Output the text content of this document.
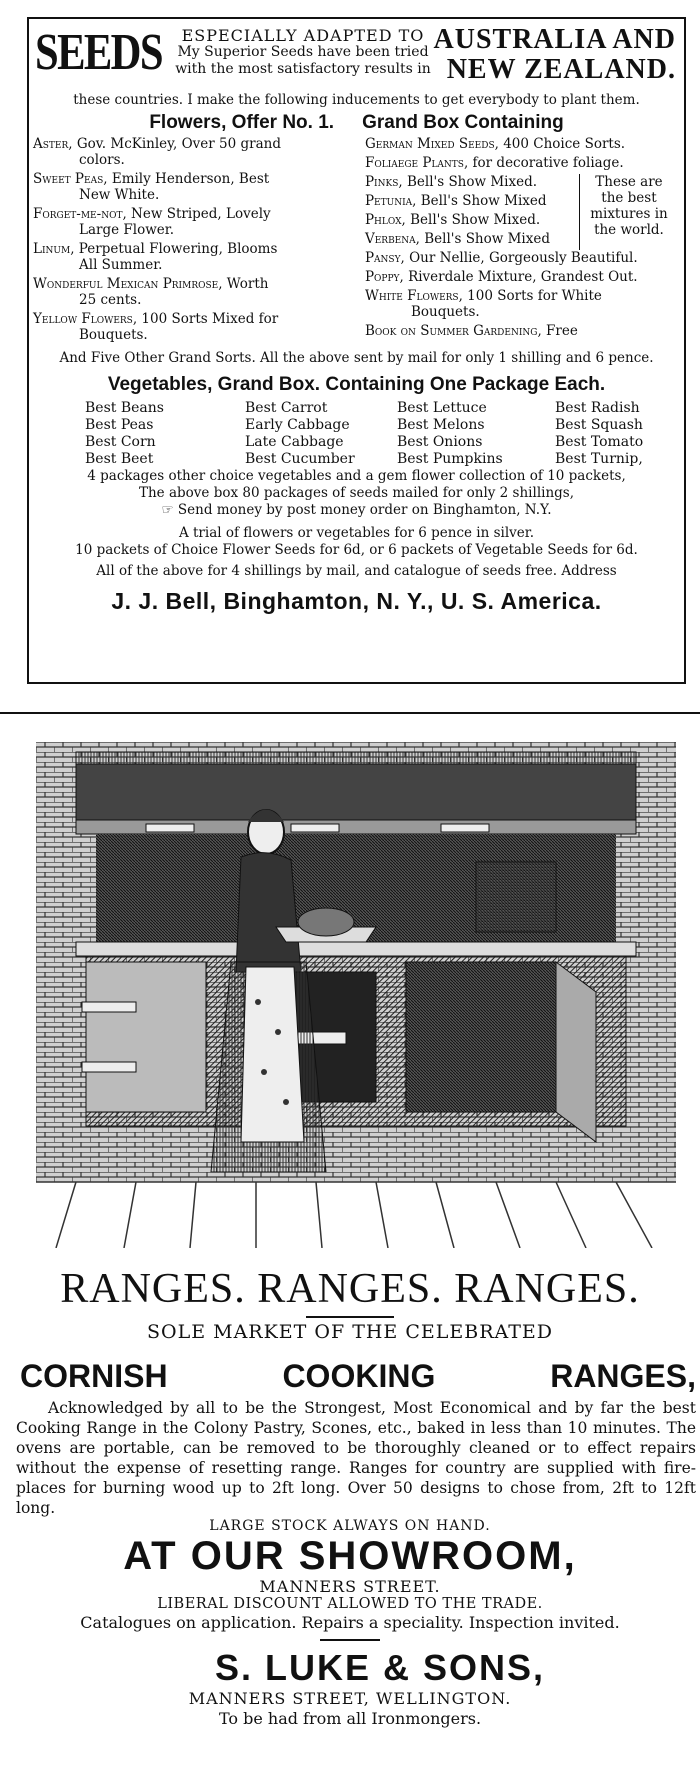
SEEDS	ESPECIALLY ADAPTED TO
My Superior Seeds have been tried
with the most satisfactory results in
AUSTRALIA AND
NEW ZEALAND.
these countries. I make the following inducements to get everybody to plant them.
Flowers, Offer No. 1. Grand Box Containing
Aster, Gov. McKinley, Over 50 grand
colors.
Sweet Peas, Emily Henderson, Best
New White.
Forget-me-not, New Striped, Lovely
Large Flower.
Linum, Perpetual Flowering, Blooms
All Summer.
Wonderful Mexican Primrose, Worth
25 cents.
Yellow Flowers, 100 Sorts Mixed for
Bouquets.
German Mixed Seeds, 400 Choice Sorts.
Foliaege Plants, for decorative foliage.
Pinks, Bell's Show Mixed.
Petunia, Bell's Show Mixed
Phlox, Bell's Show Mixed.
Verbena, Bell's Show Mixed
These are the best mixtures in the world.
Pansy, Our Nellie, Gorgeously Beautiful.
Poppy, Riverdale Mixture, Grandest Out.
White Flowers, 100 Sorts for White
Bouquets.
Book on Summer Gardening, Free
And Five Other Grand Sorts. All the above sent by mail for only 1 shilling and 6 pence.
Vegetables, Grand Box. Containing One Package Each.
Best Beans	Best Carrot	Best Lettuce	Best Radish
Best Peas	Early Cabbage	Best Melons	Best Squash
Best Corn	Late Cabbage	Best Onions	Best Tomato
Best Beet	Best Cucumber	Best Pumpkins	Best Turnip,
4 packages other choice vegetables and a gem flower collection of 10 packets,
The above box 80 packages of seeds mailed for only 2 shillings,
☞ Send money by post money order on Binghamton, N.Y.
A trial of flowers or vegetables for 6 pence in silver.
10 packets of Choice Flower Seeds for 6d, or 6 packets of Vegetable Seeds for 6d.
All of the above for 4 shillings by mail, and catalogue of seeds free. Address
J. J. Bell, Binghamton, N. Y., U. S. America.
RANGES. RANGES. RANGES.
SOLE MARKET OF THE CELEBRATED
CORNISH	COOKING	RANGES,
Acknowledged by all to be the Strongest, Most Economical and by far the best Cooking Range in the Colony Pastry, Scones, etc., baked in less than 10 minutes. The ovens are portable, can be removed to be thoroughly cleaned or to effect repairs without the expense of resetting range. Ranges for country are supplied with fire-places for burning wood up to 2ft long. Over 50 designs to chose from, 2ft to 12ft long.
LARGE STOCK ALWAYS ON HAND.
AT OUR SHOWROOM,
MANNERS STREET.
LIBERAL DISCOUNT ALLOWED TO THE TRADE.
Catalogues on application. Repairs a speciality. Inspection invited.
S. LUKE & SONS,
MANNERS STREET, WELLINGTON.
To be had from all Ironmongers.
